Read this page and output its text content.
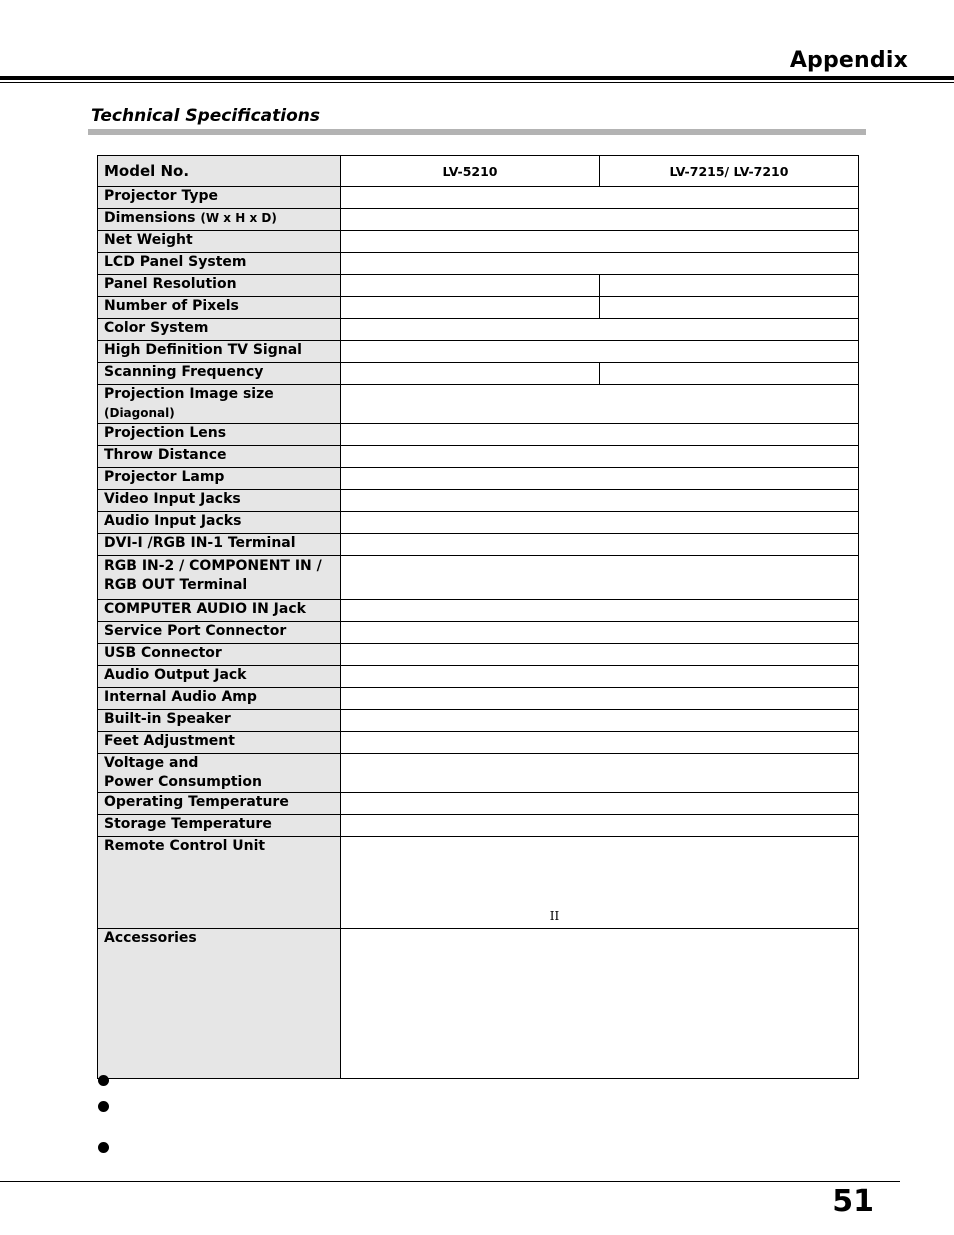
Appendix
Technical Specifications
Model No.	LV-5210	LV-7215/ LV-7210
Projector Type		
Dimensions (W x H x D)		
Net Weight		
LCD Panel System		
Panel Resolution		
Number of Pixels		
Color System		
High Definition TV Signal		
Scanning Frequency		
Projection Image size (Diagonal)		
Projection Lens		
Throw Distance		
Projector Lamp		
Video Input Jacks		
Audio Input Jacks		
DVI-I /RGB IN-1 Terminal		

RGB IN-2 / COMPONENT IN /
RGB OUT Terminal		

COMPUTER AUDIO IN Jack		
Service Port Connector		
USB Connector		
Audio Output Jack		
Internal Audio Amp		
Built-in Speaker		
Feet Adjustment		

Voltage and
Power Consumption		

Operating Temperature		
Storage Temperature		
Remote Control Unit	II	

Accessories		
51
